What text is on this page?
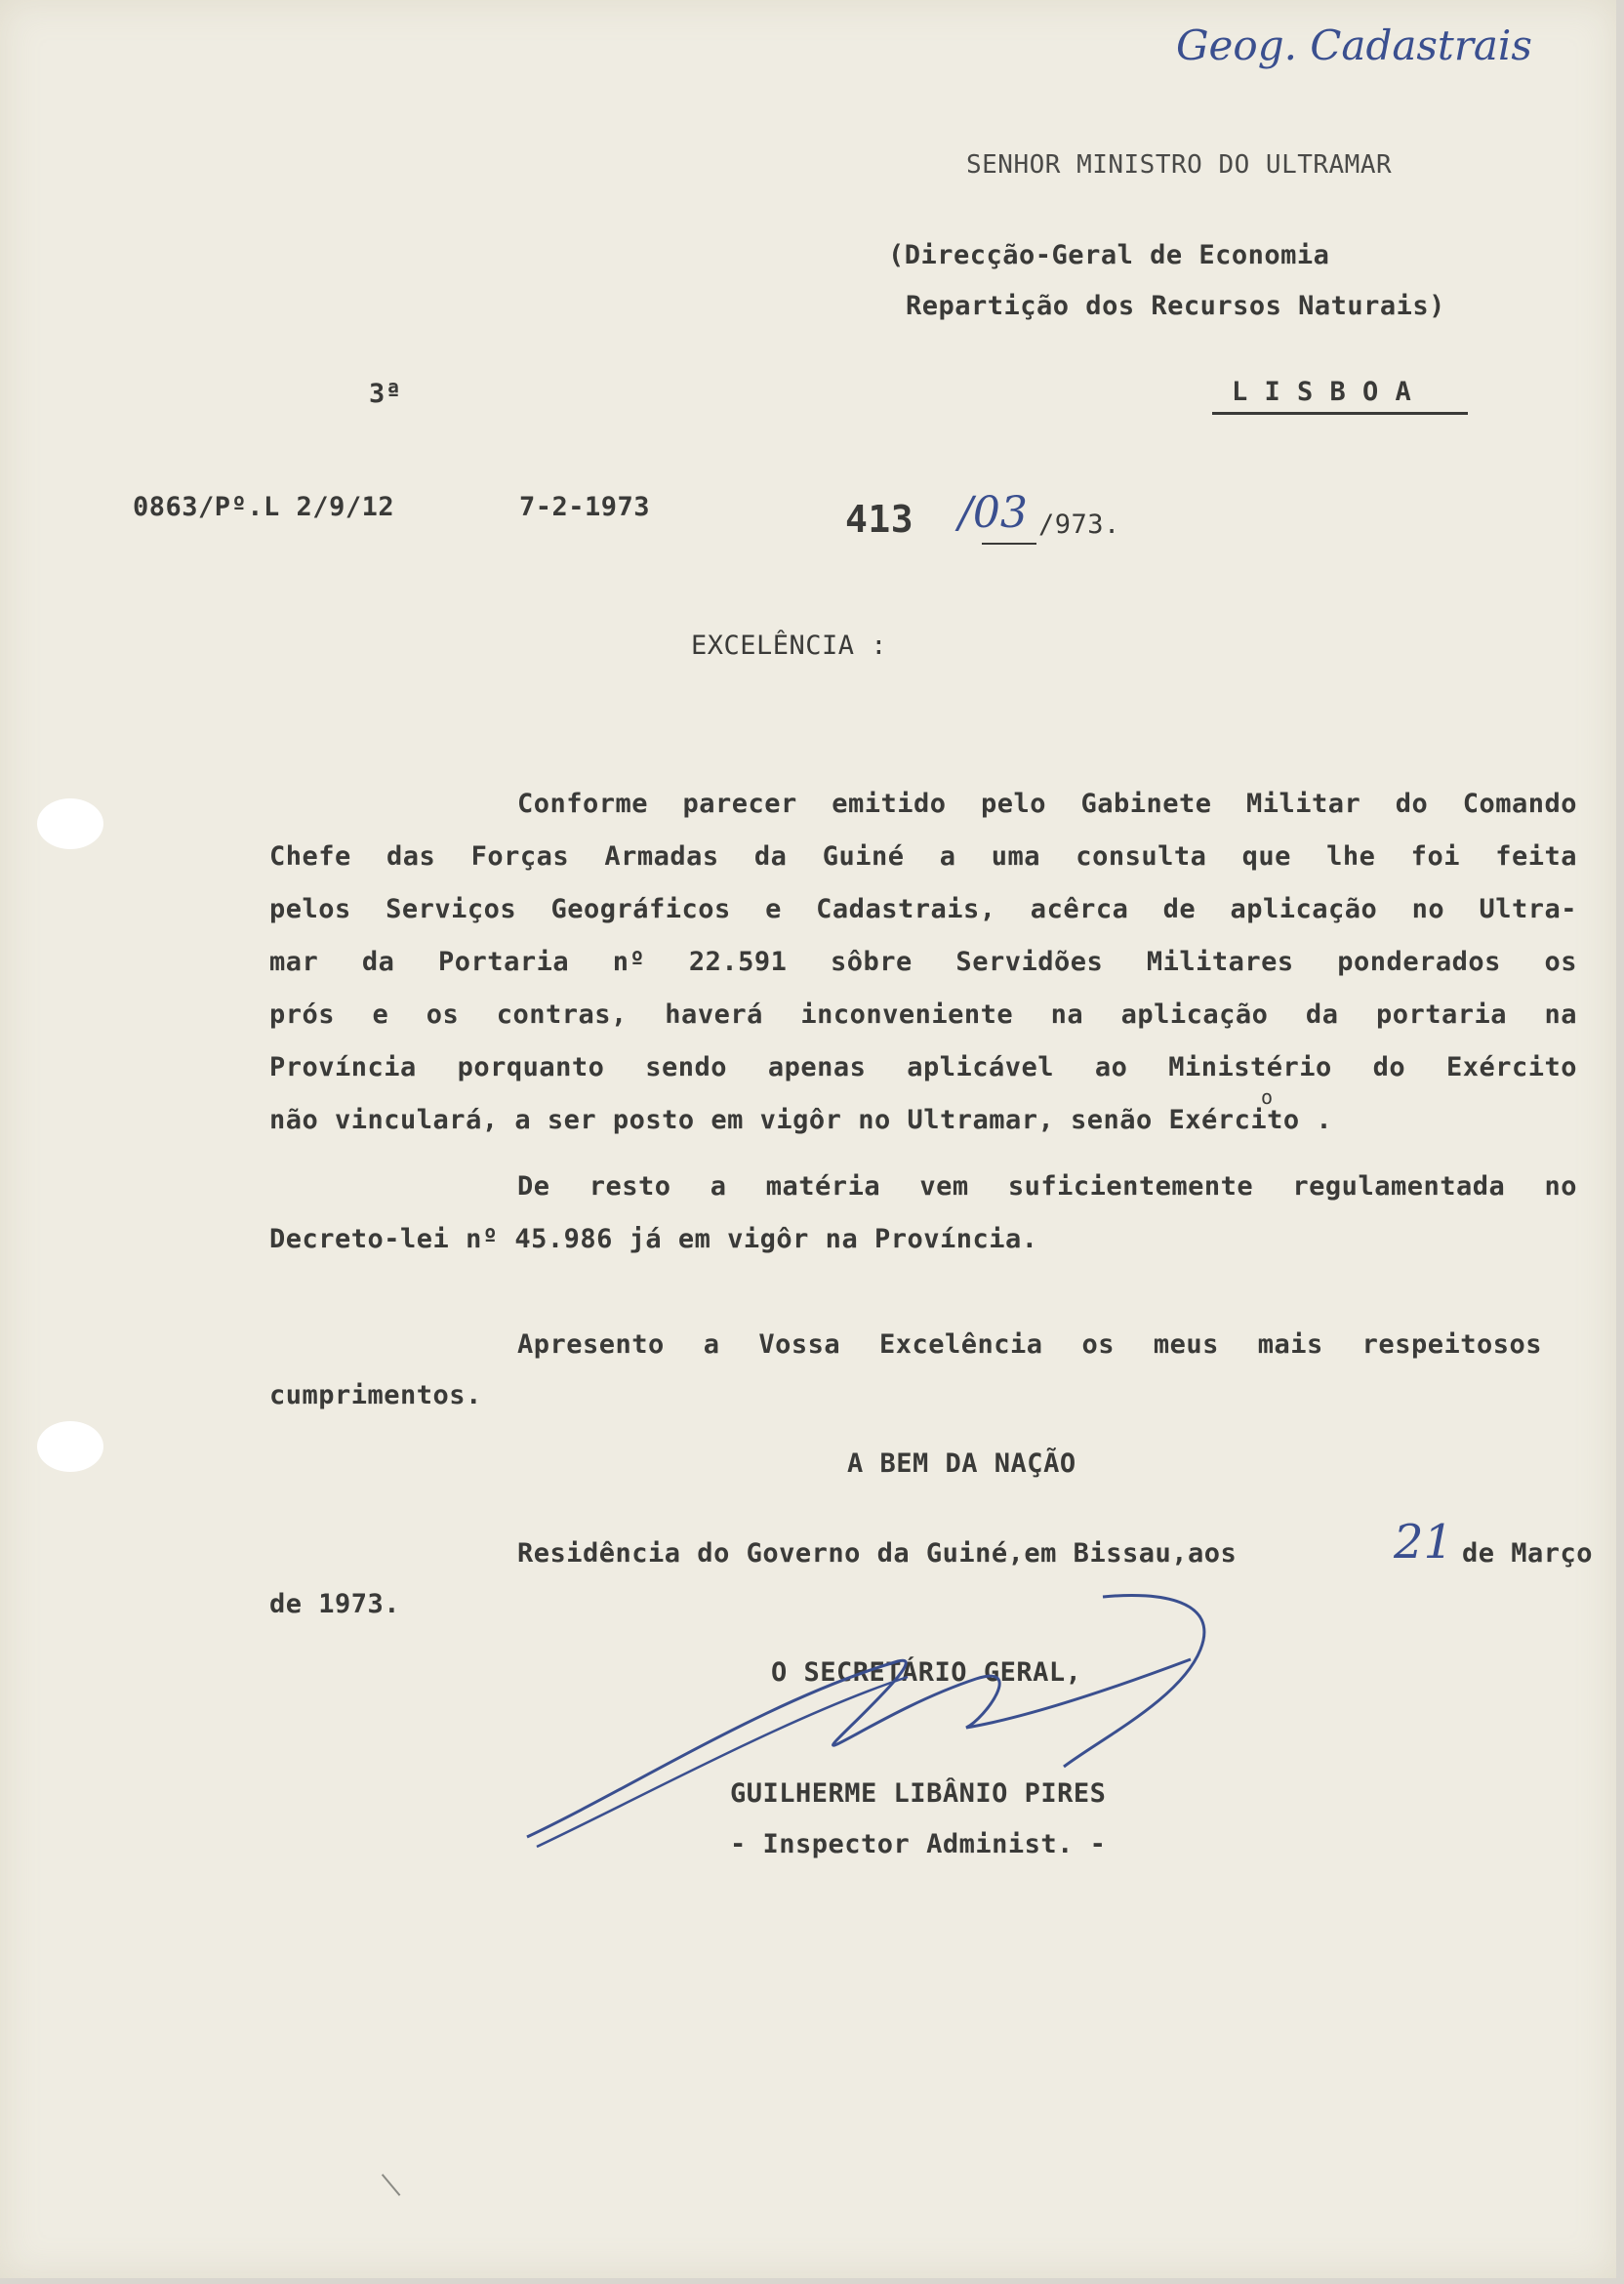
Geog. Cadastrais
SENHOR MINISTRO DO ULTRAMAR
(Direcção-Geral de Economia
Repartição dos Recursos Naturais)
3ª	L I S B O A
0863/Pº.L 2/9/12	7-2-1973	413 /03 /973.
EXCELÊNCIA :
Conforme parecer emitido pelo Gabinete Militar do Comando
Chefe das Forças Armadas da Guiné a uma consulta que lhe foi feita
pelos Serviços Geográficos e Cadastrais, acêrca de aplicação no Ultra-
mar da Portaria nº 22.591 sôbre Servidões Militares ponderados os
prós e os contras, haverá inconveniente na aplicação da portaria na
Província porquanto sendo apenas aplicável ao Ministério do Exército
não vinculará, a ser posto em vigôr no Ultramar, senão Exército .
o
De resto a matéria vem suficientemente regulamentada no
Decreto-lei nº 45.986 já em vigôr na Província.
Apresento a Vossa Excelência os meus mais respeitosos
cumprimentos.
A BEM DA NAÇÃO
Residência do Governo da Guiné,em Bissau,aos	21 de Março
de 1973.
O SECRETÁRIO GERAL,
GUILHERME LIBÂNIO PIRES
- Inspector Administ. -
